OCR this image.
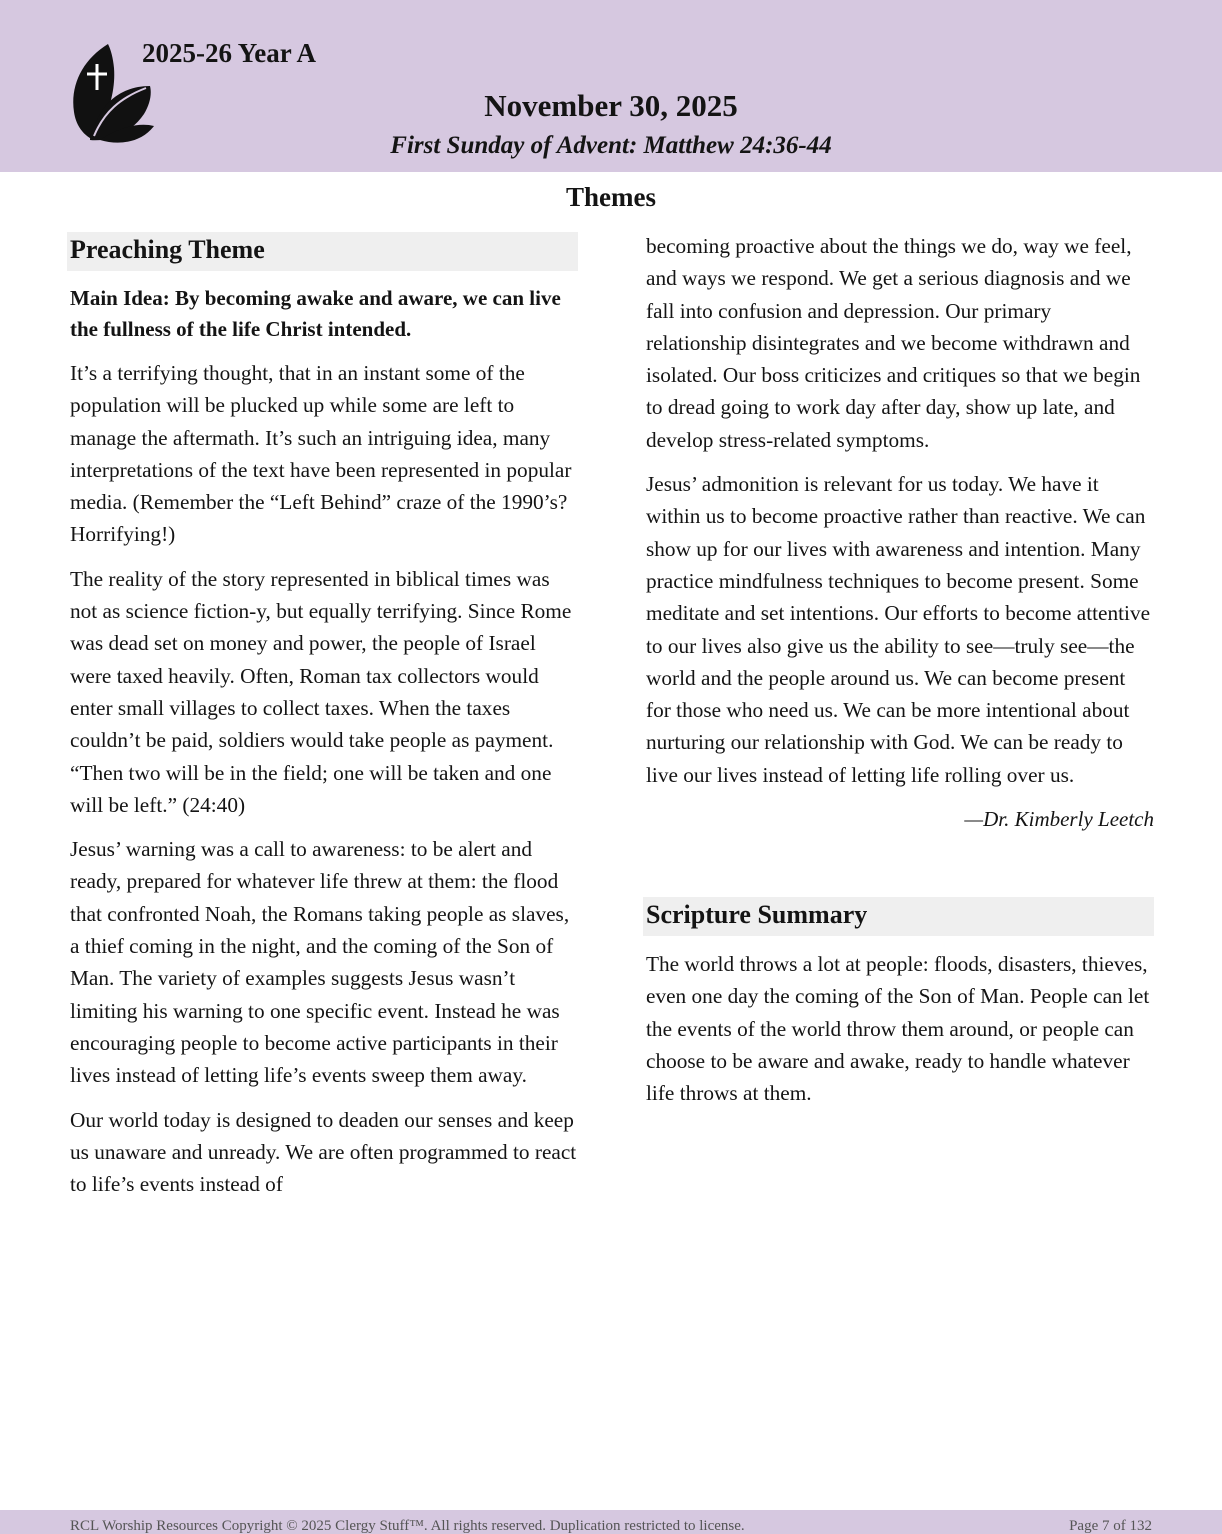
2025-26 Year A
November 30, 2025
First Sunday of Advent: Matthew 24:36-44
Themes
Preaching Theme
Main Idea: By becoming awake and aware, we can live the fullness of the life Christ intended.

It’s a terrifying thought, that in an instant some of the population will be plucked up while some are left to manage the aftermath. It’s such an intriguing idea, many interpretations of the text have been represented in popular media. (Remember the “Left Behind” craze of the 1990’s? Horrifying!)

The reality of the story represented in biblical times was not as science fiction-y, but equally terrifying. Since Rome was dead set on money and power, the people of Israel were taxed heavily. Often, Roman tax collectors would enter small villages to collect taxes. When the taxes couldn’t be paid, soldiers would take people as payment. “Then two will be in the field; one will be taken and one will be left.” (24:40)

Jesus’ warning was a call to awareness: to be alert and ready, prepared for whatever life threw at them: the flood that confronted Noah, the Romans taking people as slaves, a thief coming in the night, and the coming of the Son of Man. The variety of examples suggests Jesus wasn’t limiting his warning to one specific event. Instead he was encouraging people to become active participants in their lives instead of letting life’s events sweep them away.

Our world today is designed to deaden our senses and keep us unaware and unready. We are often programmed to react to life’s events instead of

becoming proactive about the things we do, way we feel, and ways we respond. We get a serious diagnosis and we fall into confusion and depression. Our primary relationship disintegrates and we become withdrawn and isolated. Our boss criticizes and critiques so that we begin to dread going to work day after day, show up late, and develop stress-related symptoms.

Jesus’ admonition is relevant for us today. We have it within us to become proactive rather than reactive. We can show up for our lives with awareness and intention. Many practice mindfulness techniques to become present. Some meditate and set intentions. Our efforts to become attentive to our lives also give us the ability to see—truly see—the world and the people around us. We can become present for those who need us. We can be more intentional about nurturing our relationship with God. We can be ready to live our lives instead of letting life rolling over us.

—Dr. Kimberly Leetch
Scripture Summary

The world throws a lot at people: floods, disasters, thieves, even one day the coming of the Son of Man. People can let the events of the world throw them around, or people can choose to be aware and awake, ready to handle whatever life throws at them.

RCL Worship Resources Copyright © 2025 Clergy Stuff™. All rights reserved. Duplication restricted to license.	Page 7 of 132
